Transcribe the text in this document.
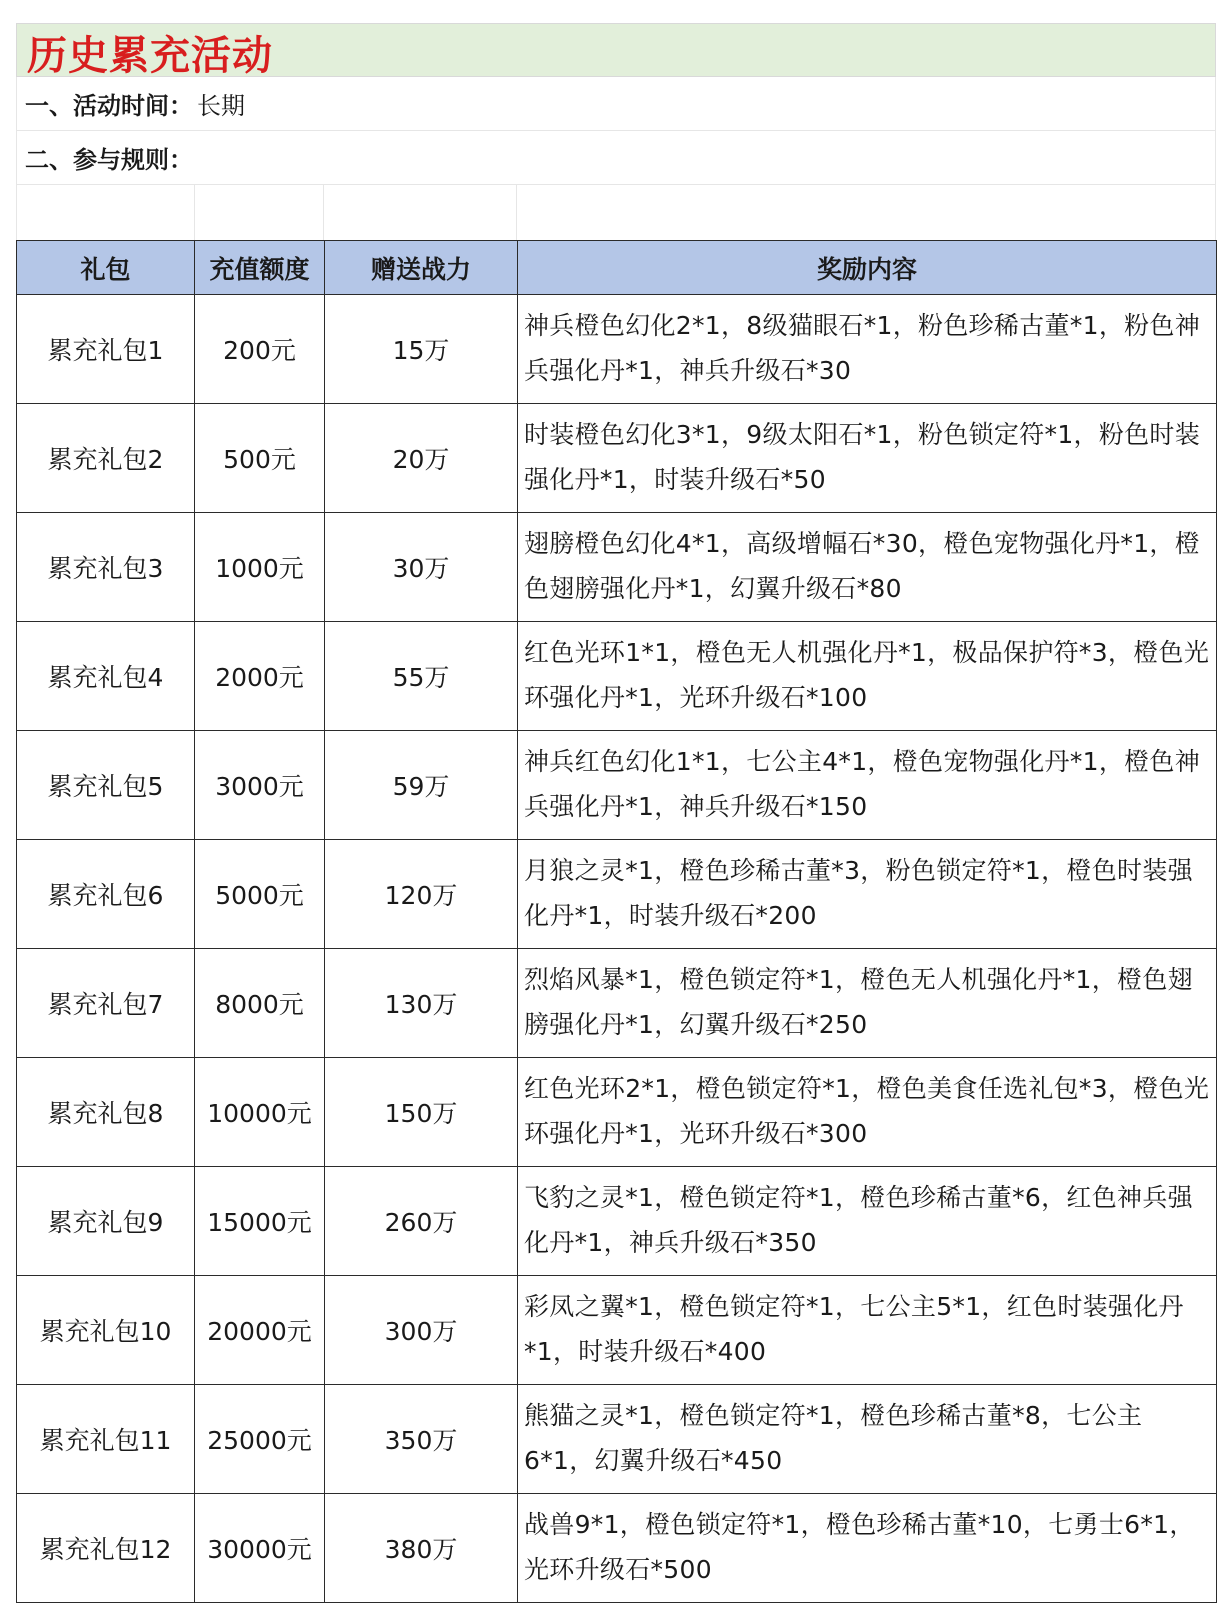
历史累充活动
一、活动时间： 长期
二、参与规则：
礼包	充值额度	赠送战力	奖励内容
累充礼包1	200元	15万	神兵橙色幻化2*1，8级猫眼石*1，粉色珍稀古董*1，粉色神兵强化丹*1，神兵升级石*30
累充礼包2	500元	20万	时装橙色幻化3*1，9级太阳石*1，粉色锁定符*1，粉色时装强化丹*1，时装升级石*50
累充礼包3	1000元	30万	翅膀橙色幻化4*1，高级增幅石*30，橙色宠物强化丹*1，橙色翅膀强化丹*1，幻翼升级石*80
累充礼包4	2000元	55万	红色光环1*1，橙色无人机强化丹*1，极品保护符*3，橙色光环强化丹*1，光环升级石*100
累充礼包5	3000元	59万	神兵红色幻化1*1，七公主4*1，橙色宠物强化丹*1，橙色神兵强化丹*1，神兵升级石*150
累充礼包6	5000元	120万	月狼之灵*1，橙色珍稀古董*3，粉色锁定符*1，橙色时装强化丹*1，时装升级石*200
累充礼包7	8000元	130万	烈焰风暴*1，橙色锁定符*1，橙色无人机强化丹*1，橙色翅膀强化丹*1，幻翼升级石*250
累充礼包8	10000元	150万	红色光环2*1，橙色锁定符*1，橙色美食任选礼包*3，橙色光环强化丹*1，光环升级石*300
累充礼包9	15000元	260万	飞豹之灵*1，橙色锁定符*1，橙色珍稀古董*6，红色神兵强化丹*1，神兵升级石*350
累充礼包10	20000元	300万	彩凤之翼*1，橙色锁定符*1，七公主5*1，红色时装强化丹*1，时装升级石*400
累充礼包11	25000元	350万	熊猫之灵*1，橙色锁定符*1，橙色珍稀古董*8，七公主6*1，幻翼升级石*450
累充礼包12	30000元	380万	战兽9*1，橙色锁定符*1，橙色珍稀古董*10，七勇士6*1，光环升级石*500
